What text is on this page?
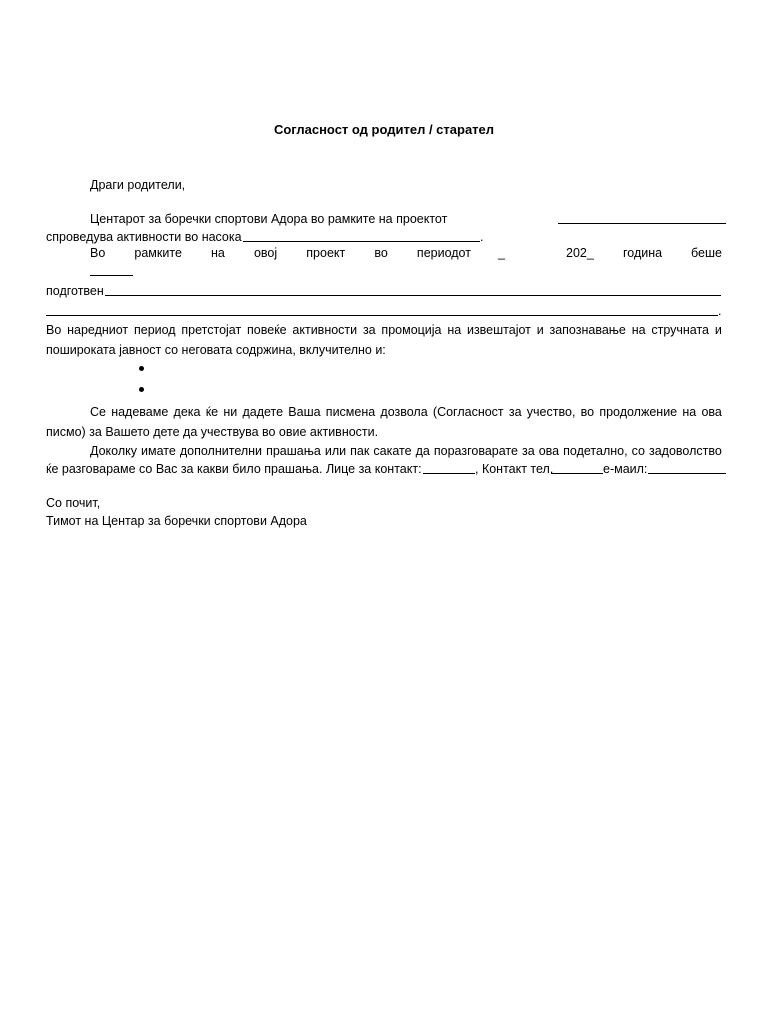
Согласност од родител / старател
Драги родители,
Центарот за боречки спортови Адора во рамките на проектот
спроведува активности во насока	.
Во рамките на овој проект во периодот _	202_ година беше
подготвен
.
Во наредниот период претстојат повеќе активности за промоција на извештајот и запознавање на стручната и
пошироката јавност со неговата содржина, вклучително и:
Се надеваме дека ќе ни дадете Ваша писмена дозвола (Согласност за учество, во продолжение на ова
писмо) за Вашето дете да учествува во овие активности.
Доколку имате дополнителни прашања или пак сакате да поразговарате за ова подетално, со задоволство
ќе разговараме со Вас за какви било прашања. Лице за контакт:	, Контакт тел.	е-маил:
Со почит,
Тимот на Центар за боречки спортови Адора
